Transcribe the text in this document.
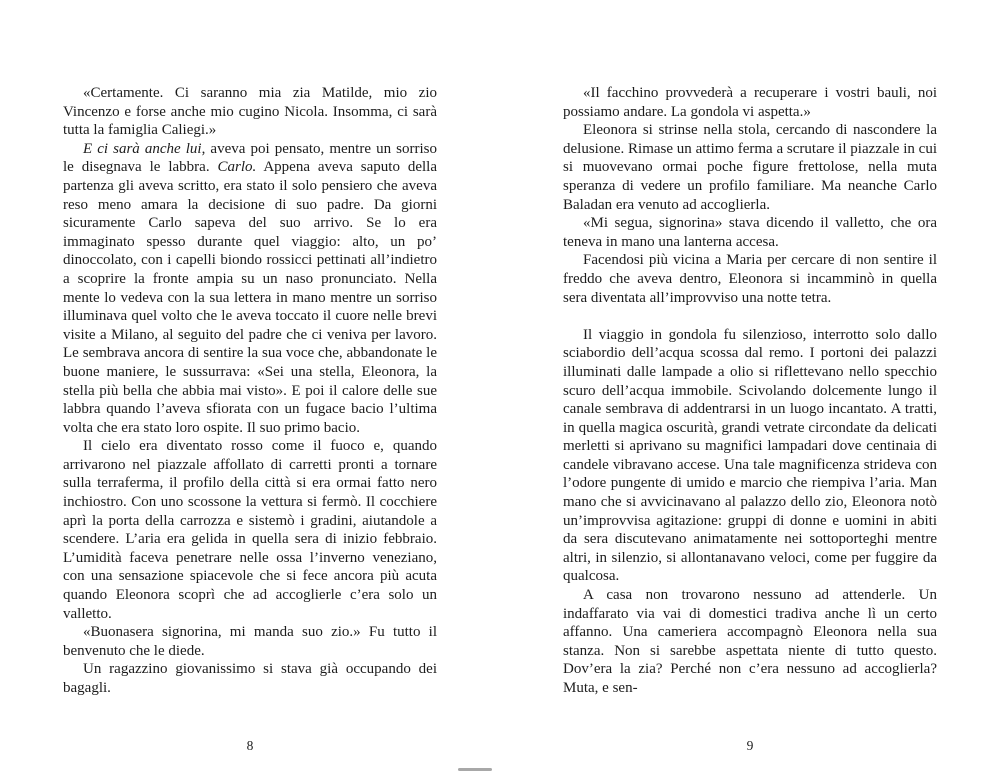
«Certamente. Ci saranno mia zia Matilde, mio zio Vincenzo e forse anche mio cugino Nicola. Insomma, ci sarà tutta la famiglia Caliegi.»

E ci sarà anche lui, aveva poi pensato, mentre un sorriso le disegnava le labbra. Carlo. Appena aveva saputo della partenza gli aveva scritto, era stato il solo pensiero che aveva reso meno amara la decisione di suo padre. Da giorni sicuramente Carlo sapeva del suo arrivo. Se lo era immaginato spesso durante quel viaggio: alto, un po’ dinoccolato, con i capelli biondo rossicci pettinati all’indietro a scoprire la fronte ampia su un naso pronunciato. Nella mente lo vedeva con la sua lettera in mano mentre un sorriso illuminava quel volto che le aveva toccato il cuore nelle brevi visite a Milano, al seguito del padre che ci veniva per lavoro. Le sembrava ancora di sentire la sua voce che, abbandonate le buone maniere, le sussurrava: «Sei una stella, Eleonora, la stella più bella che abbia mai visto». E poi il calore delle sue labbra quando l’aveva sfiorata con un fugace bacio l’ultima volta che era stato loro ospite. Il suo primo bacio.

Il cielo era diventato rosso come il fuoco e, quando arrivarono nel piazzale affollato di carretti pronti a tornare sulla terraferma, il profilo della città si era ormai fatto nero inchiostro. Con uno scossone la vettura si fermò. Il cocchiere aprì la porta della carrozza e sistemò i gradini, aiutandole a scendere. L’aria era gelida in quella sera di inizio febbraio. L’umidità faceva penetrare nelle ossa l’inverno veneziano, con una sensazione spiacevole che si fece ancora più acuta quando Eleonora scoprì che ad accoglierle c’era solo un valletto.

«Buonasera signorina, mi manda suo zio.» Fu tutto il benvenuto che le diede.

Un ragazzino giovanissimo si stava già occupando dei bagagli.

8

«Il facchino provvederà a recuperare i vostri bauli, noi possiamo andare. La gondola vi aspetta.»

Eleonora si strinse nella stola, cercando di nascondere la delusione. Rimase un attimo ferma a scrutare il piazzale in cui si muovevano ormai poche figure frettolose, nella muta speranza di vedere un profilo familiare. Ma neanche Carlo Baladan era venuto ad accoglierla.

«Mi segua, signorina» stava dicendo il valletto, che ora teneva in mano una lanterna accesa.

Facendosi più vicina a Maria per cercare di non sentire il freddo che aveva dentro, Eleonora si incamminò in quella sera diventata all’improvviso una notte tetra.

Il viaggio in gondola fu silenzioso, interrotto solo dallo sciabordio dell’acqua scossa dal remo. I portoni dei palazzi illuminati dalle lampade a olio si riflettevano nello specchio scuro dell’acqua immobile. Scivolando dolcemente lungo il canale sembrava di addentrarsi in un luogo incantato. A tratti, in quella magica oscurità, grandi vetrate circondate da delicati merletti si aprivano su magnifici lampadari dove centinaia di candele vibravano accese. Una tale magnificenza strideva con l’odore pungente di umido e marcio che riempiva l’aria. Man mano che si avvicinavano al palazzo dello zio, Eleonora notò un’improvvisa agitazione: gruppi di donne e uomini in abiti da sera discutevano animatamente nei sottoporteghi mentre altri, in silenzio, si allontanavano veloci, come per fuggire da qualcosa.

A casa non trovarono nessuno ad attenderle. Un indaffarato via vai di domestici tradiva anche lì un certo affanno. Una cameriera accompagnò Eleonora nella sua stanza. Non si sarebbe aspettata niente di tutto questo. Dov’era la zia? Perché non c’era nessuno ad accoglierla? Muta, e sen-

9
